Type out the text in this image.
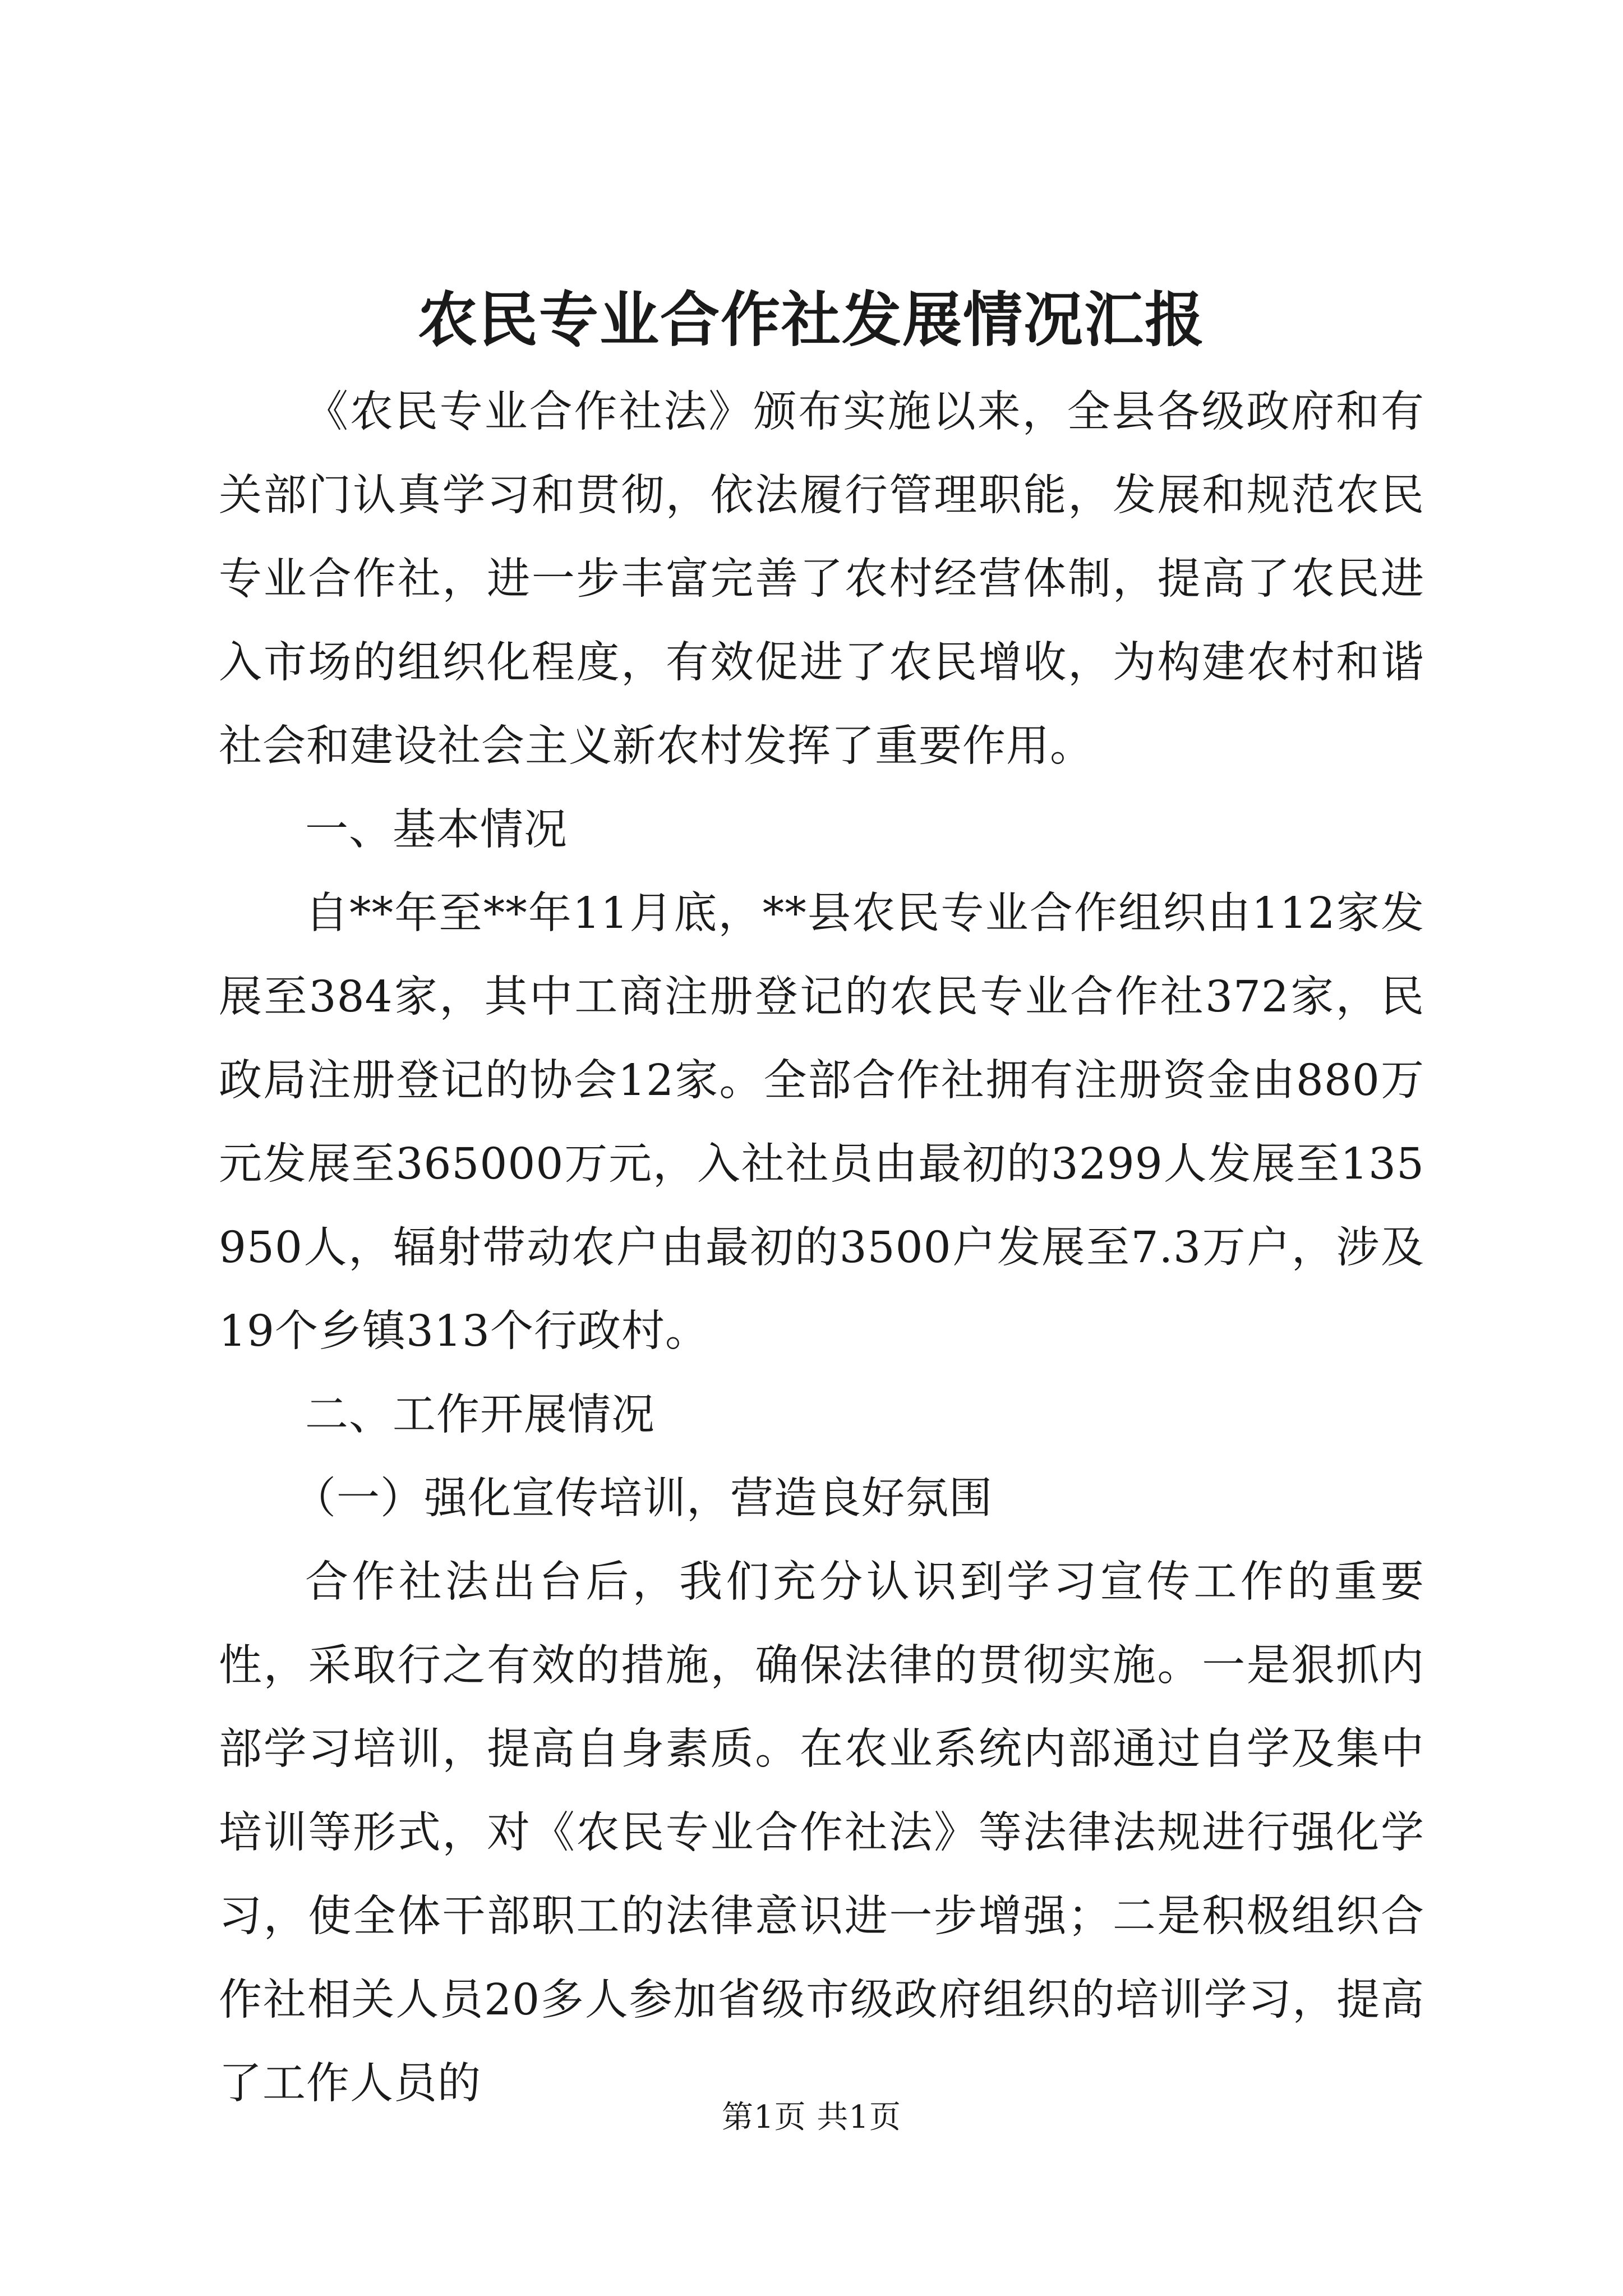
农民专业合作社发展情况汇报

《农民专业合作社法》颁布实施以来，全县各级政府和有关部门认真学习和贯彻，依法履行管理职能，发展和规范农民专业合作社，进一步丰富完善了农村经营体制，提高了农民进入市场的组织化程度，有效促进了农民增收，为构建农村和谐社会和建设社会主义新农村发挥了重要作用。

一、基本情况

自**年至**年11月底，**县农民专业合作组织由112家发展至384家，其中工商注册登记的农民专业合作社372家，民政局注册登记的协会12家。全部合作社拥有注册资金由880万元发展至365000万元，入社社员由最初的3299人发展至135950人，辐射带动农户由最初的3500户发展至7.3万户，涉及19个乡镇313个行政村。

二、工作开展情况

（一）强化宣传培训，营造良好氛围

合作社法出台后，我们充分认识到学习宣传工作的重要性，采取行之有效的措施，确保法律的贯彻实施。一是狠抓内部学习培训，提高自身素质。在农业系统内部通过自学及集中培训等形式，对《农民专业合作社法》等法律法规进行强化学习，使全体干部职工的法律意识进一步增强；二是积极组织合作社相关人员20多人参加省级市级政府组织的培训学习，提高了工作人员的

第1页 共1页
